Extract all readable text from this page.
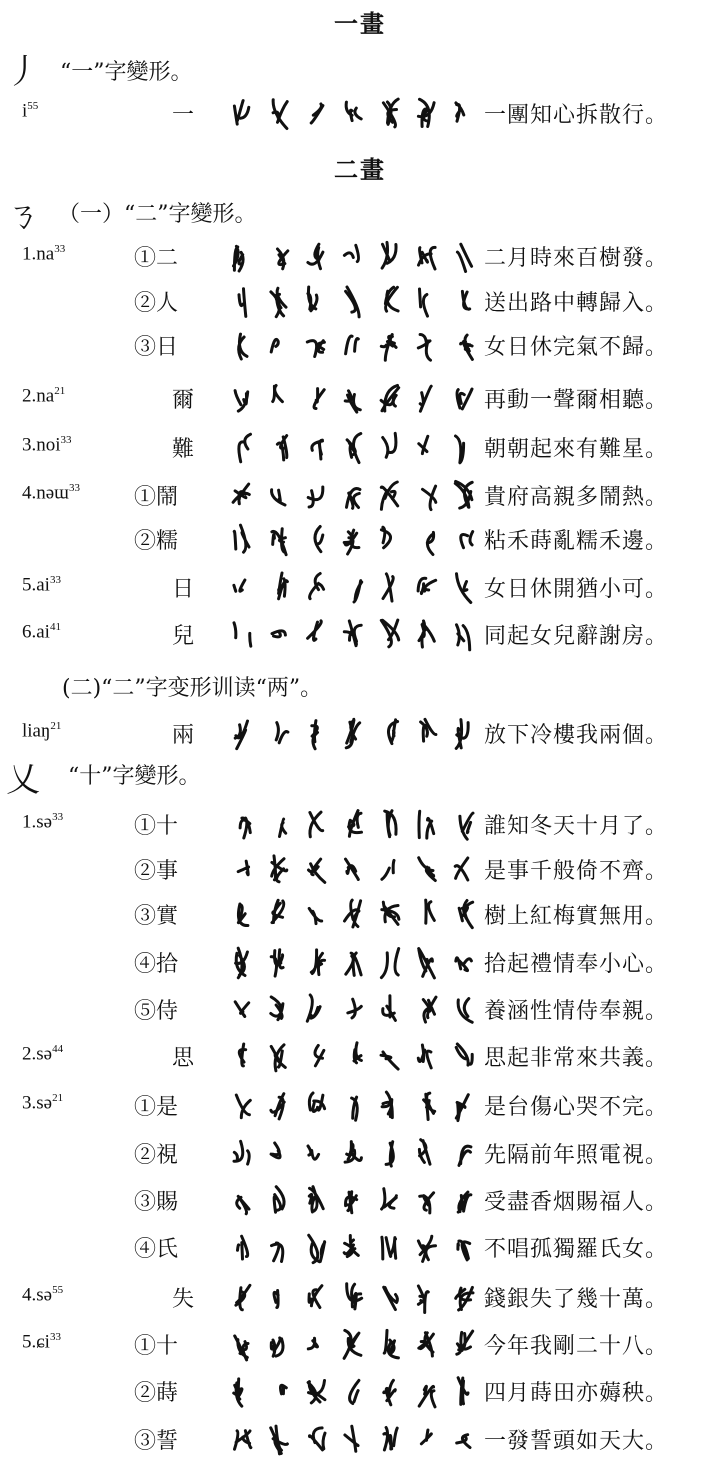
一畫
二畫
丿 “一”字變形。
$i^{55}$	一	一團知心拆散行。
ㄋ （一）“二”字變形。
$1.na^{33}$	①二	二月時來百樹發。
②人	送出路中轉歸入。
③日	女日休完氣不歸。
$2.na^{21}$	爾	再動一聲爾相聽。
3.noi$^{33}$	難	朝朝起來有難星。
4.nəɯ$^{33}$ ①鬧	貴府高親多鬧熱。
②糯	粘禾蒔亂糯禾邊。
$5.ai^{33}$	日	女日休開猶小可。
$6.ai^{41}$	兒	同起女兒辭謝房。
(二)“二”字变形训读“两”。
liaŋ$^{21}$	兩	放下冷樓我兩個。
乂 “十”字變形。
1.sə$^{33}$	①十	誰知冬天十月了。
②事	是事千般倚不齊。
③實	樹上紅梅實無用。
④拾	拾起禮情奉小心。
⑤侍	養涵性情侍奉親。
2.sə$^{44}$	思	思起非常來共義。
3.sə$^{21}$	①是	是台傷心哭不完。
②視	先隔前年照電視。
③賜	受盡香烟賜福人。
④氏	不唱孤獨羅氏女。
4.sə$^{55}$	失	錢銀失了幾十萬。
5.ɕi$^{33}$	①十	今年我剛二十八。
②蒔	四月蒔田亦薅秧。
③誓	一發誓頭如天大。
